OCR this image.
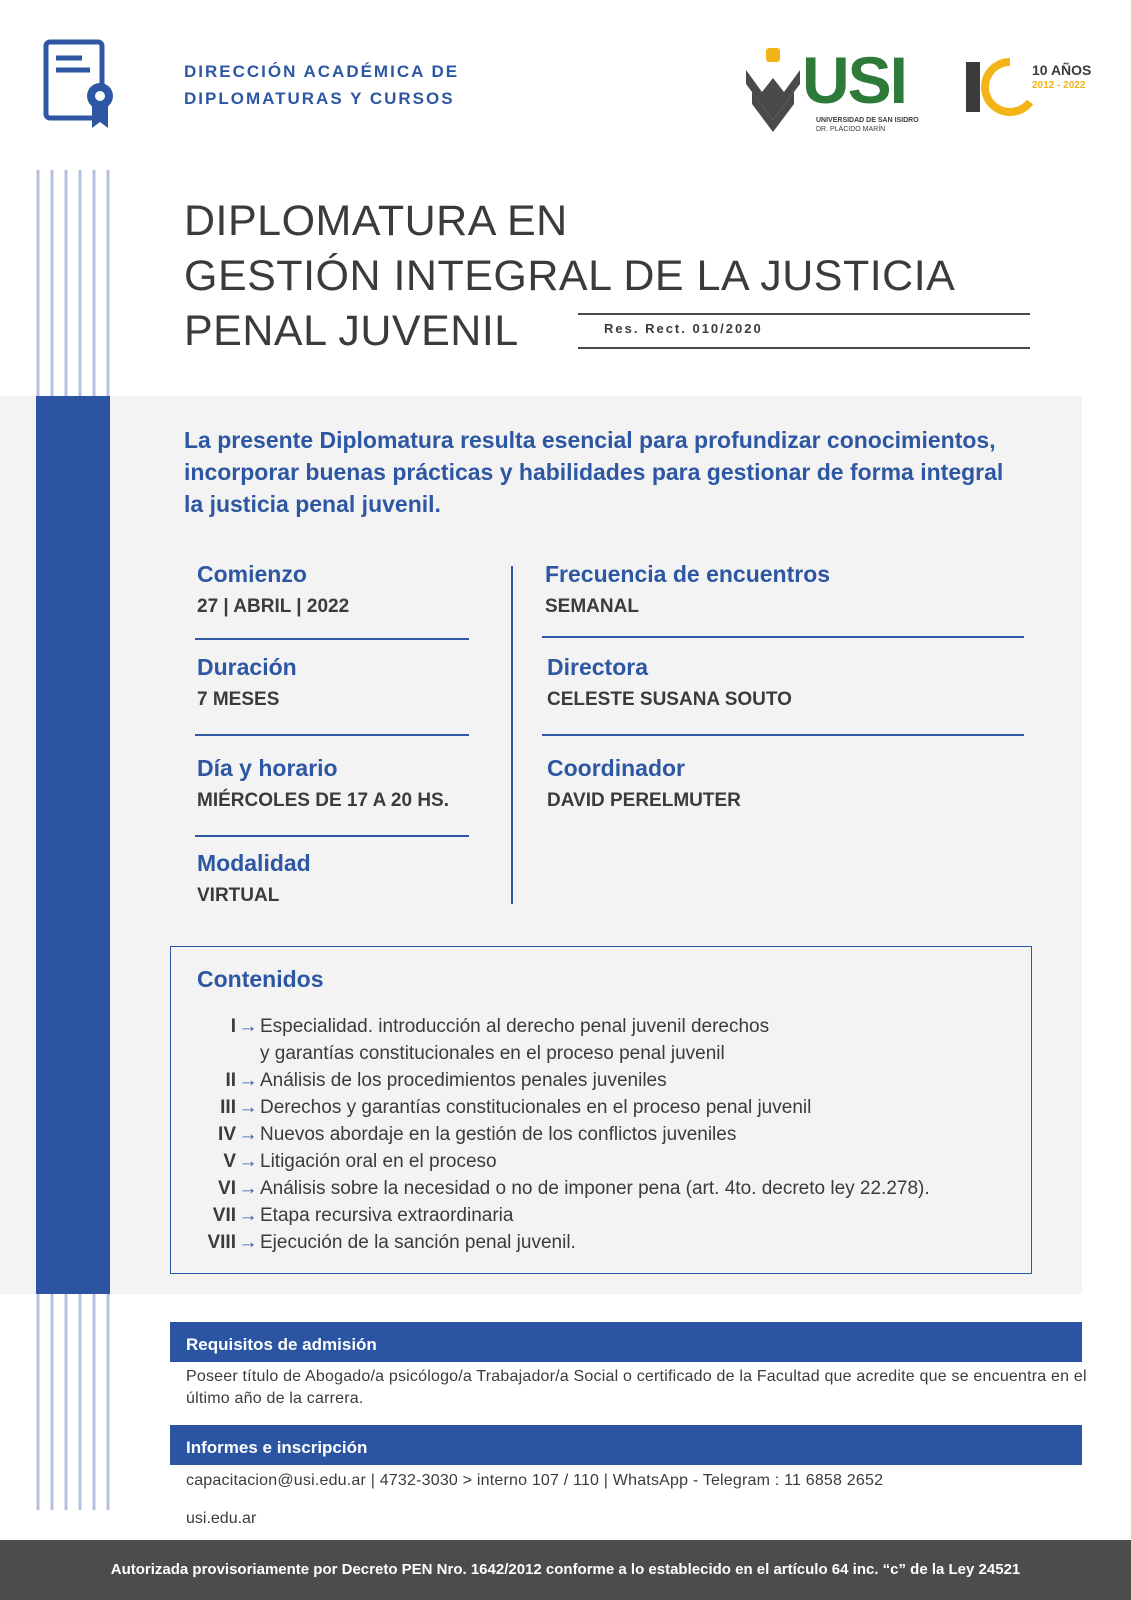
DIRECCIÓN ACADÉMICA DE
DIPLOMATURAS Y CURSOS	USI
UNIVERSIDAD DE SAN ISIDRO
DR. PLÁCIDO MARÍN
10 AÑOS
2012 - 2022
DIPLOMATURA EN
GESTIÓN INTEGRAL DE LA JUSTICIA
PENAL JUVENIL	Res. Rect. 010/2020
La presente Diplomatura resulta esencial para profundizar conocimientos, incorporar buenas prácticas y habilidades para gestionar de forma integral la justicia penal juvenil.
Comienzo
27 | ABRIL | 2022
Duración
7 MESES
Día y horario
MIÉRCOLES DE 17 A 20 HS.
Modalidad
VIRTUAL
Frecuencia de encuentros
SEMANAL
Directora
CELESTE SUSANA SOUTO
Coordinador
DAVID PERELMUTER
Contenidos
I → Especialidad. introducción al derecho penal juvenil derechos
y garantías constitucionales en el proceso penal juvenil
II → Análisis de los procedimientos penales juveniles
III → Derechos y garantías constitucionales en el proceso penal juvenil
IV → Nuevos abordaje en la gestión de los conflictos juveniles
V → Litigación oral en el proceso
VI → Análisis sobre la necesidad o no de imponer pena (art. 4to. decreto ley 22.278).
VII → Etapa recursiva extraordinaria
VIII → Ejecución de la sanción penal juvenil.
Requisitos de admisión
Poseer título de Abogado/a psicólogo/a Trabajador/a Social o certificado de la Facultad que acredite que se encuentra en el último año de la carrera.
Informes e inscripción
capacitacion@usi.edu.ar | 4732-3030 > interno 107 / 110 | WhatsApp - Telegram : 11 6858 2652
usi.edu.ar
Autorizada provisoriamente por Decreto PEN Nro. 1642/2012 conforme a lo establecido en el artículo 64 inc. “c” de la Ley 24521
